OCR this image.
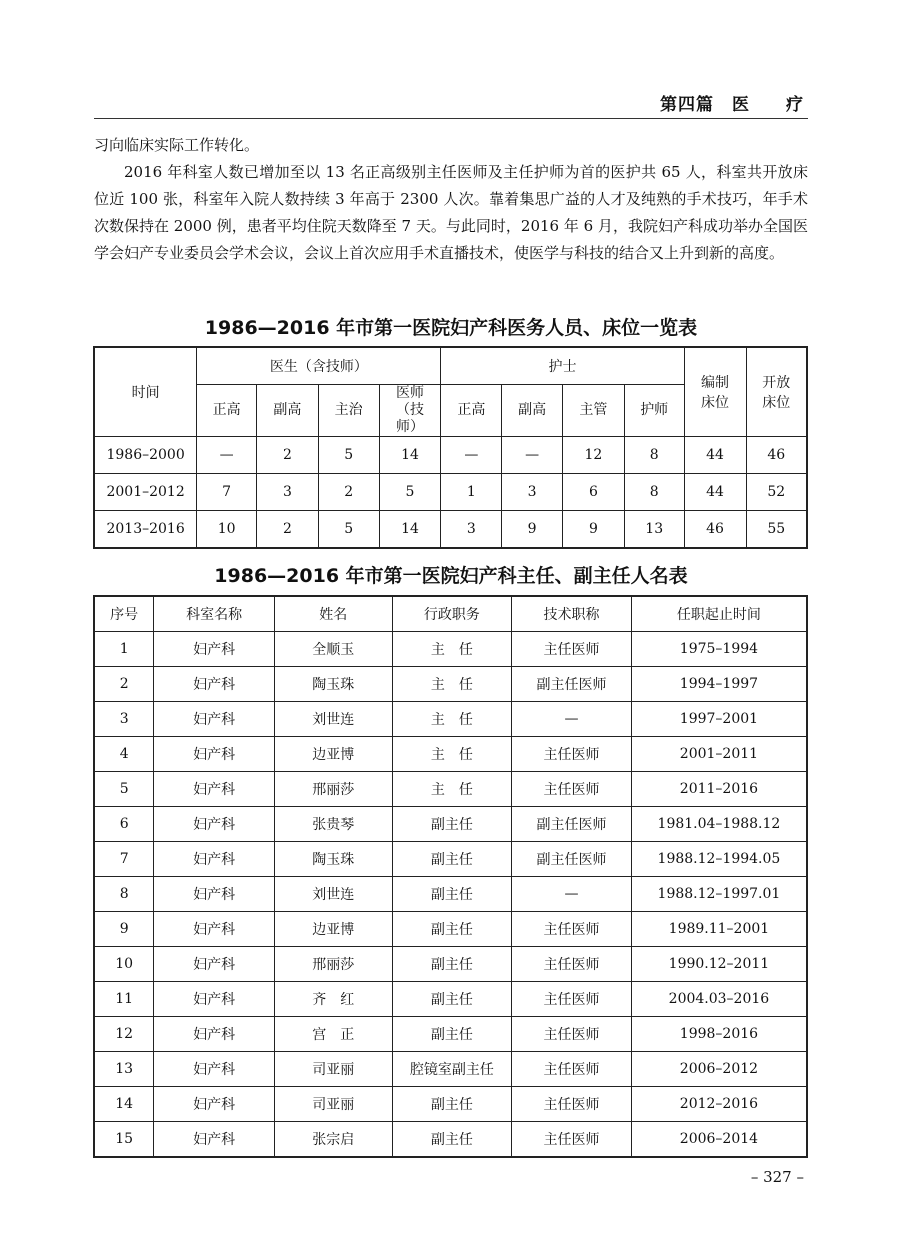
第四篇　医　　疗

习向临床实际工作转化。

2016 年科室人数已增加至以 13 名正高级别主任医师及主任护师为首的医护共 65 人，科室共开放床位近 100 张，科室年入院人数持续 3 年高于 2300 人次。靠着集思广益的人才及纯熟的手术技巧，年手术次数保持在 2000 例，患者平均住院天数降至 7 天。与此同时，2016 年 6 月，我院妇产科成功举办全国医学会妇产专业委员会学术会议，会议上首次应用手术直播技术，使医学与科技的结合又上升到新的高度。

1986—2016 年市第一医院妇产科医务人员、床位一览表
时间	医生（含技师）				护士				编制床位	开放床位
	正高	副高	主治	医师（技师）	正高	副高	主管	护师		
1986–2000	—	2	5	14	—	—	12	8	44	46
2001–2012	7	3	2	5	1	3	6	8	44	52
2013–2016	10	2	5	14	3	9	9	13	46	55
1986—2016 年市第一医院妇产科主任、副主任人名表
序号	科室名称	姓名	行政职务	技术职称	任职起止时间
1	妇产科	全顺玉	主　任	主任医师	1975–1994
2	妇产科	陶玉珠	主　任	副主任医师	1994–1997
3	妇产科	刘世连	主　任	—	1997–2001
4	妇产科	边亚博	主　任	主任医师	2001–2011
5	妇产科	邢丽莎	主　任	主任医师	2011–2016
6	妇产科	张贵琴	副主任	副主任医师	1981.04–1988.12
7	妇产科	陶玉珠	副主任	副主任医师	1988.12–1994.05
8	妇产科	刘世连	副主任	—	1988.12–1997.01
9	妇产科	边亚博	副主任	主任医师	1989.11–2001
10	妇产科	邢丽莎	副主任	主任医师	1990.12–2011
11	妇产科	齐　红	副主任	主任医师	2004.03–2016
12	妇产科	宫　正	副主任	主任医师	1998–2016
13	妇产科	司亚丽	腔镜室副主任	主任医师	2006–2012
14	妇产科	司亚丽	副主任	主任医师	2012–2016
15	妇产科	张宗启	副主任	主任医师	2006–2014
– 327 –
